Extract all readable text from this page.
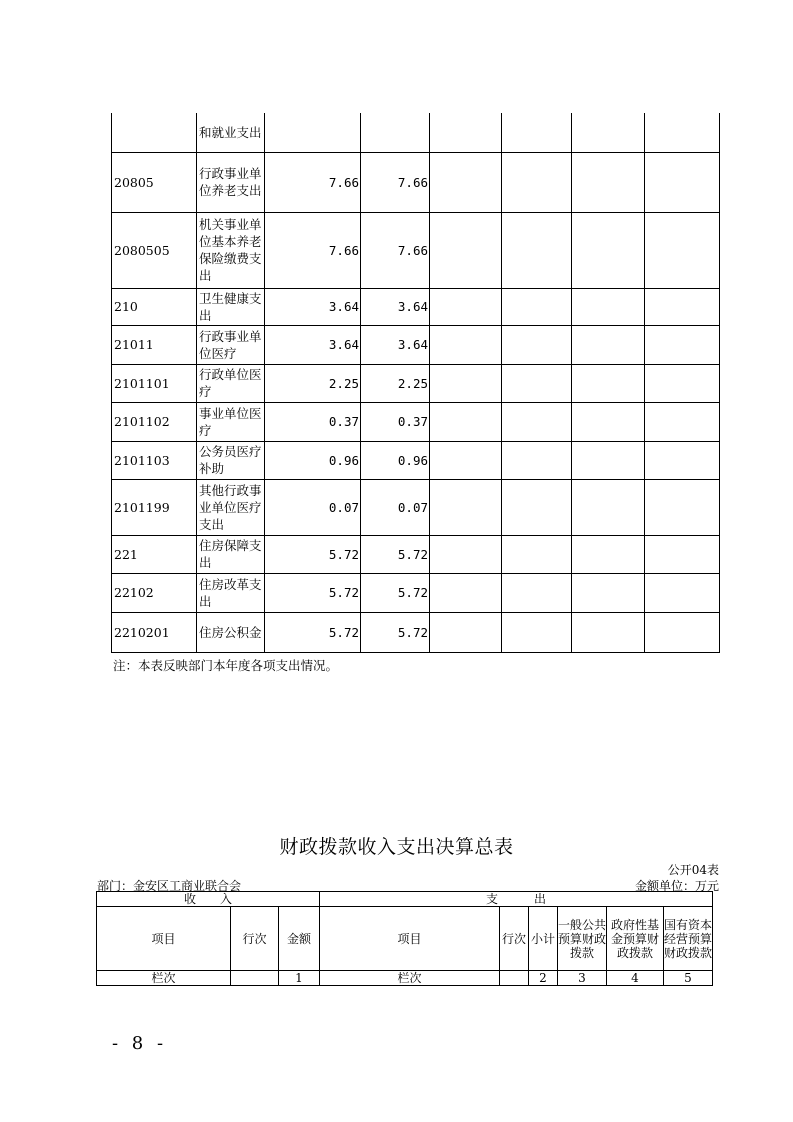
	和就业支出						
20805	行政事业单位养老支出	7.66	7.66				
2080505	机关事业单位基本养老保险缴费支出	7.66	7.66				
210	卫生健康支出	3.64	3.64				
21011	行政事业单位医疗	3.64	3.64				
2101101	行政单位医疗	2.25	2.25				
2101102	事业单位医疗	0.37	0.37				
2101103	公务员医疗补助	0.96	0.96				
2101199	其他行政事业单位医疗支出	0.07	0.07				
221	住房保障支出	5.72	5.72				
22102	住房改革支出	5.72	5.72				
2210201	住房公积金	5.72	5.72				
注：本表反映部门本年度各项支出情况。
财政拨款收入支出决算总表
公开04表
部门：金安区工商业联合会	金额单位：万元
收　　入			支　　　出					
项目	行次	金额	项目	行次	小计	一般公共预算财政拨款	政府性基金预算财政拨款	国有资本经营预算财政拨款
栏次		1	栏次		2	3	4	5
- 8 -
